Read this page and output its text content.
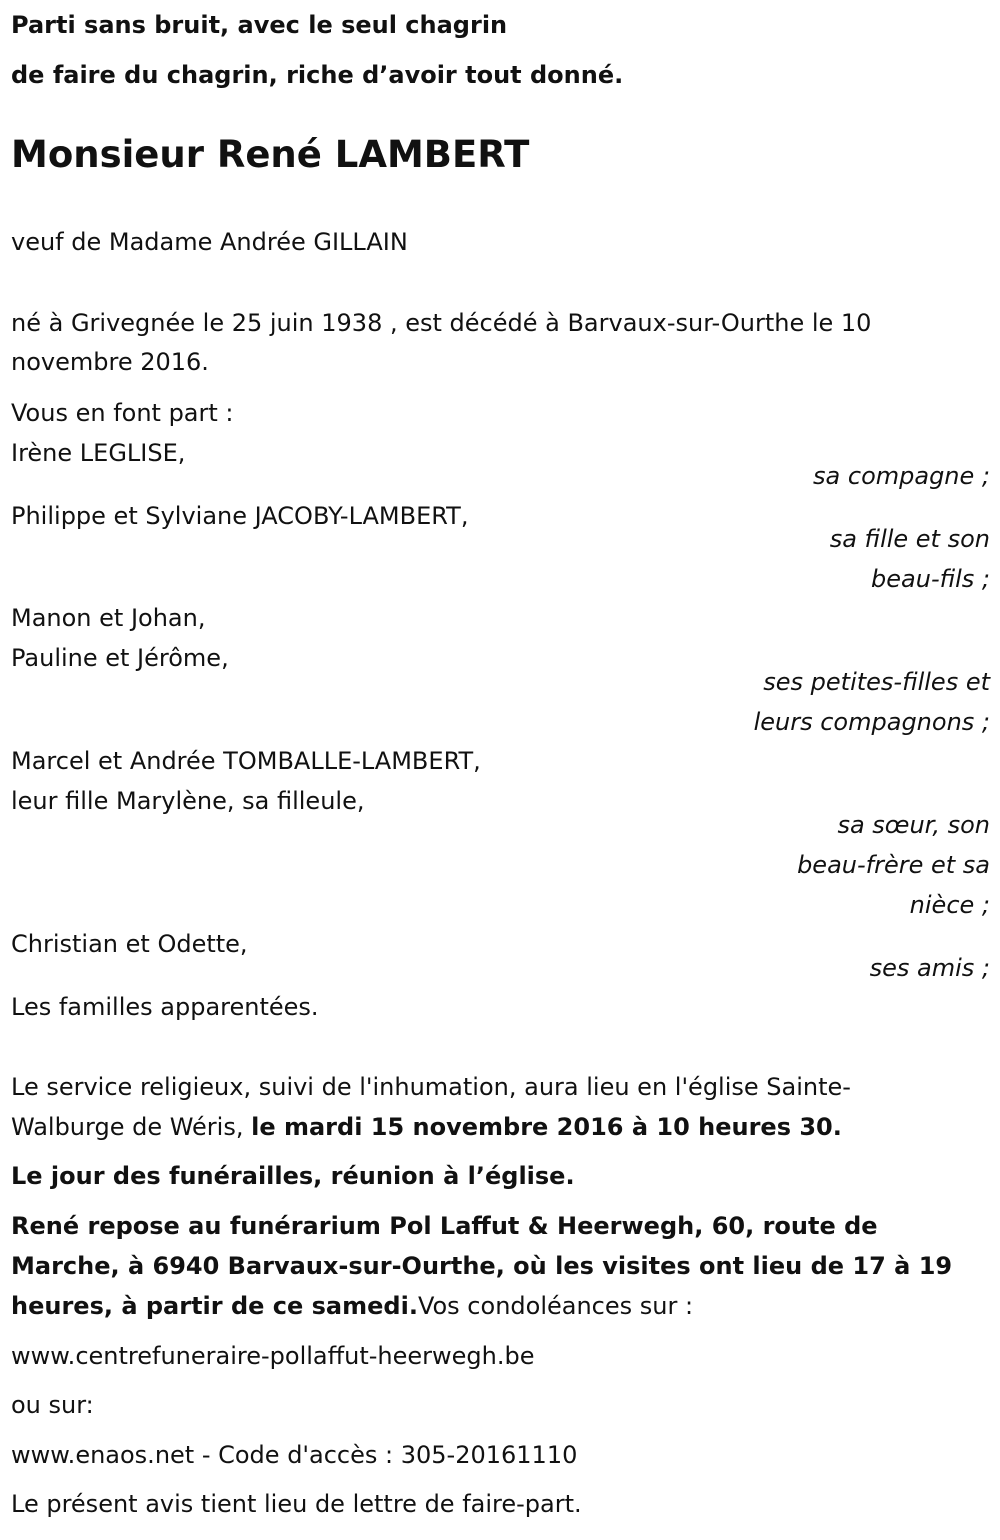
Parti sans bruit, avec le seul chagrin
de faire du chagrin, riche d’avoir tout donné.
Monsieur René LAMBERT
veuf de Madame Andrée GILLAIN
né à Grivegnée le 25 juin 1938 , est décédé à Barvaux-sur-Ourthe le 10
novembre 2016.
Vous en font part :
Irène LEGLISE,
sa compagne ;
Philippe et Sylviane JACOBY-LAMBERT,
sa fille et son
beau-fils ;
Manon et Johan,
Pauline et Jérôme,
ses petites-filles et
leurs compagnons ;
Marcel et Andrée TOMBALLE-LAMBERT,
leur fille Marylène, sa filleule,
sa sœur, son
beau-frère et sa
nièce ;
Christian et Odette,
ses amis ;
Les familles apparentées.
Le service religieux, suivi de l'inhumation, aura lieu en l'église Sainte-
Walburge de Wéris, le mardi 15 novembre 2016 à 10 heures 30.
Le jour des funérailles, réunion à l’église.
René repose au funérarium Pol Laffut & Heerwegh, 60, route de
Marche, à 6940 Barvaux-sur-Ourthe, où les visites ont lieu de 17 à 19
heures, à partir de ce samedi.Vos condoléances sur :
www.centrefuneraire-pollaffut-heerwegh.be
ou sur:
www.enaos.net - Code d'accès : 305-20161110
Le présent avis tient lieu de lettre de faire-part.
